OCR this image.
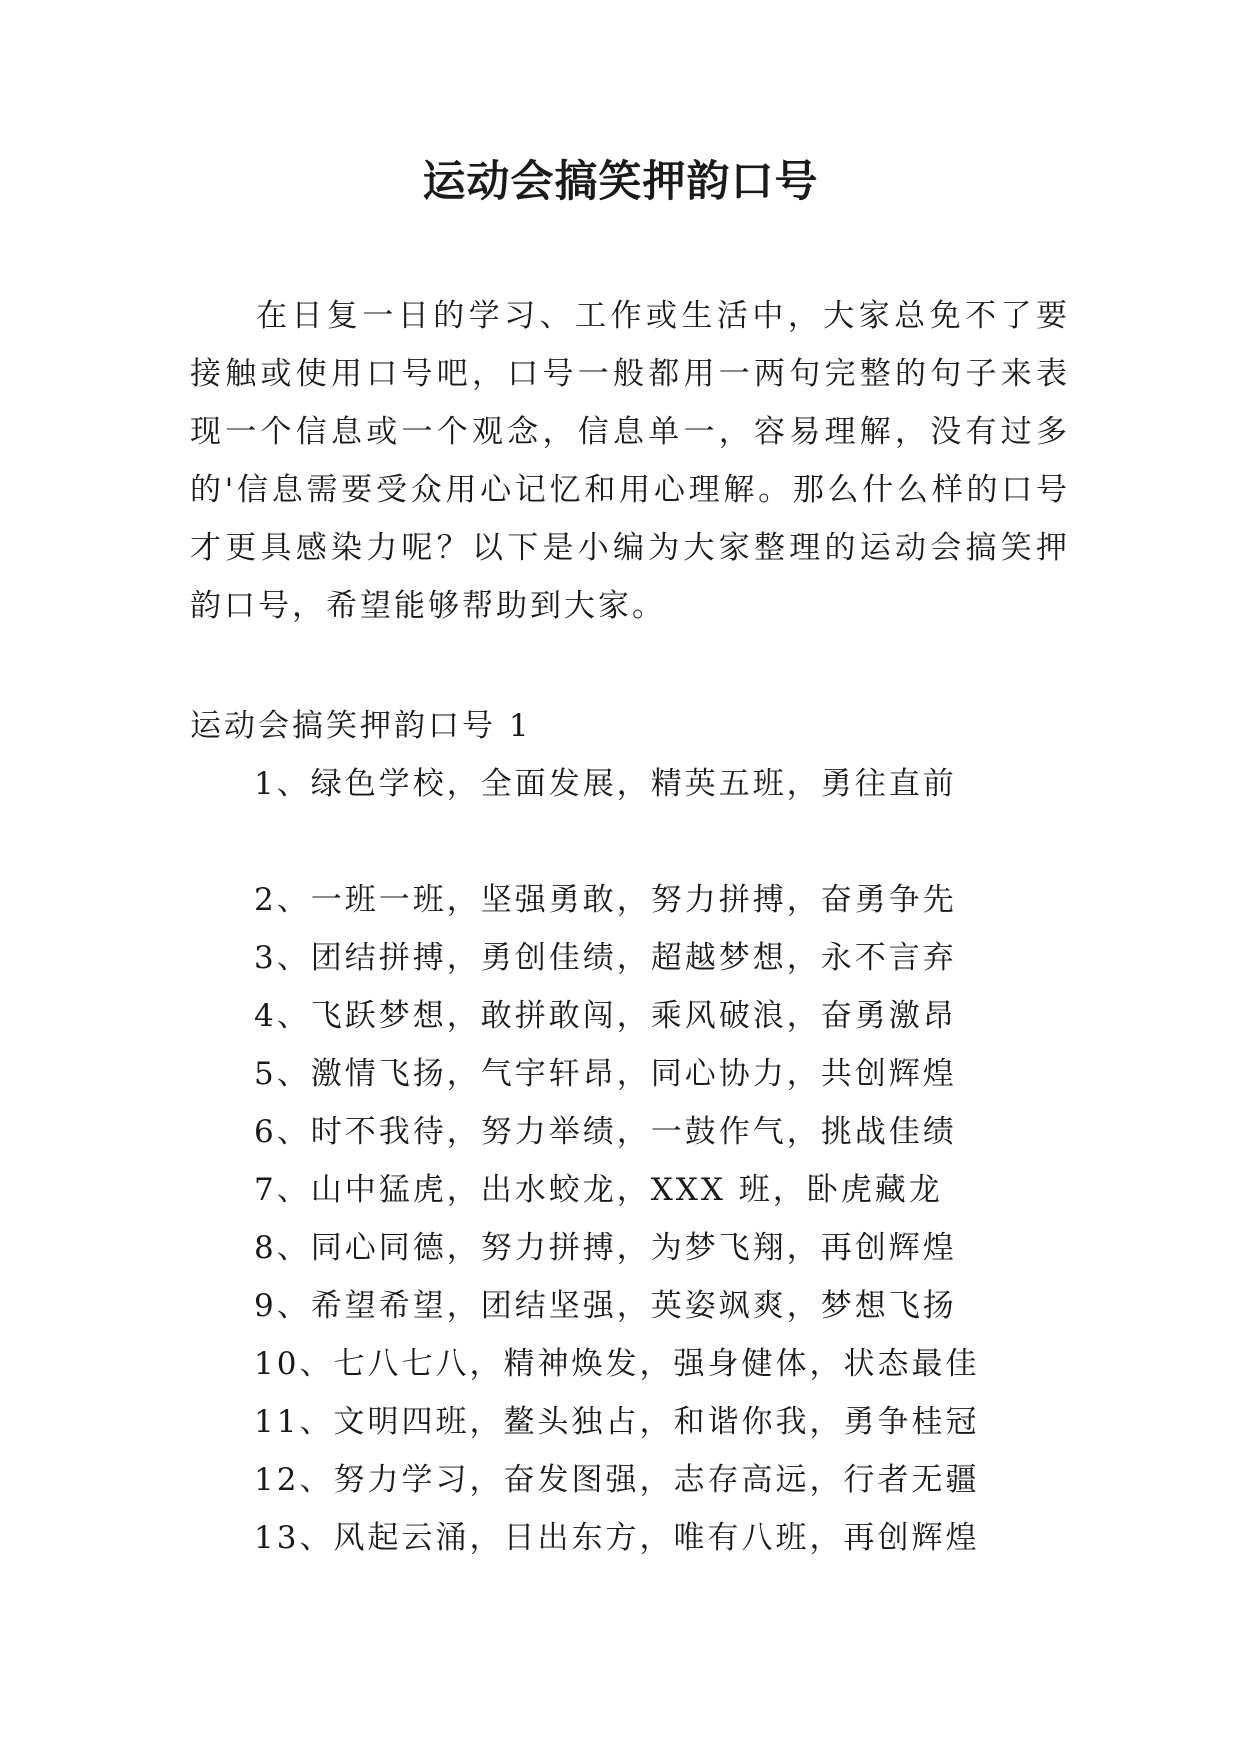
运动会搞笑押韵口号

在日复一日的学习、工作或生活中，大家总免不了要接触或使用口号吧，口号一般都用一两句完整的句子来表现一个信息或一个观念，信息单一，容易理解，没有过多的'信息需要受众用心记忆和用心理解。那么什么样的口号才更具感染力呢？以下是小编为大家整理的运动会搞笑押韵口号，希望能够帮助到大家。

运动会搞笑押韵口号 1

1、绿色学校，全面发展，精英五班，勇往直前
2、一班一班，坚强勇敢，努力拼搏，奋勇争先
3、团结拼搏，勇创佳绩，超越梦想，永不言弃
4、飞跃梦想，敢拼敢闯，乘风破浪，奋勇激昂
5、激情飞扬，气宇轩昂，同心协力，共创辉煌
6、时不我待，努力举绩，一鼓作气，挑战佳绩
7、山中猛虎，出水蛟龙，XXX 班，卧虎藏龙
8、同心同德，努力拼搏，为梦飞翔，再创辉煌
9、希望希望，团结坚强，英姿飒爽，梦想飞扬
10、七八七八，精神焕发，强身健体，状态最佳
11、文明四班，鳌头独占，和谐你我，勇争桂冠
12、努力学习，奋发图强，志存高远，行者无疆
13、风起云涌，日出东方，唯有八班，再创辉煌
